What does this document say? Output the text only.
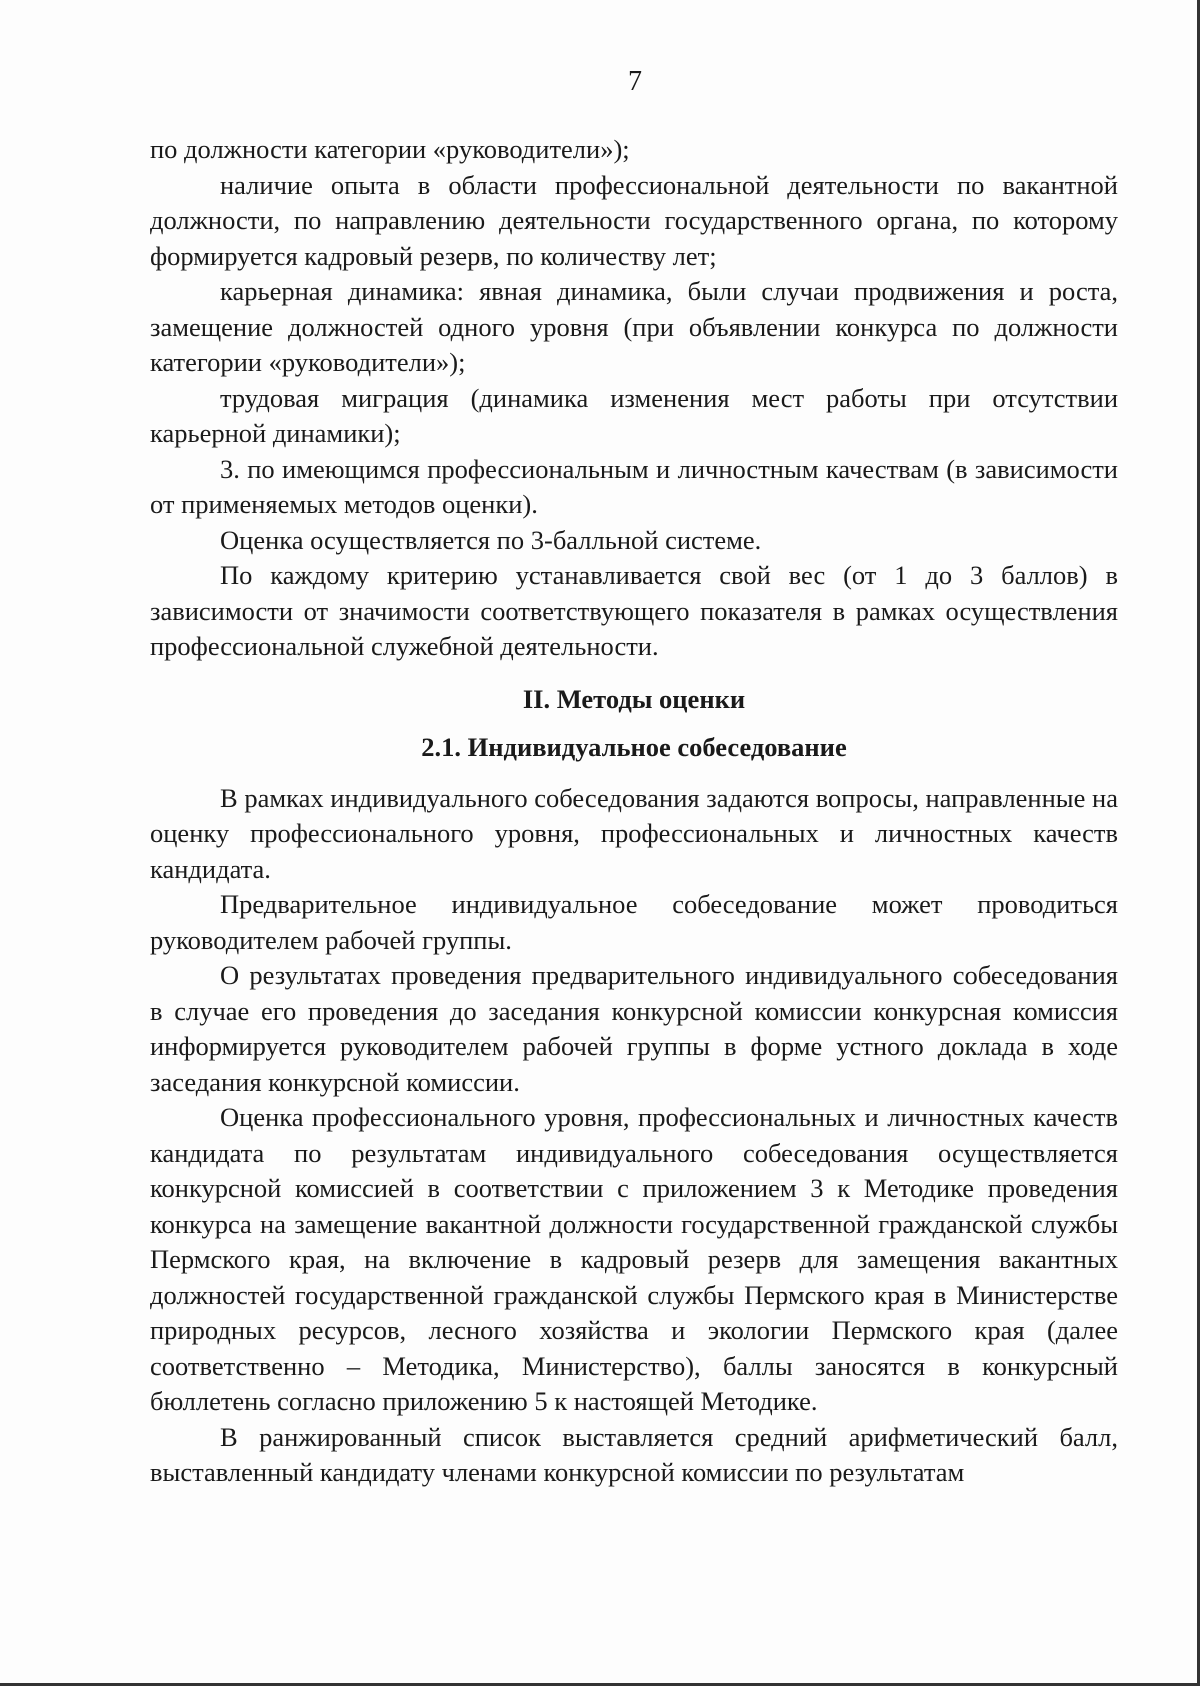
7

по должности категории «руководители»);

наличие опыта в области профессиональной деятельности по вакантной должности, по направлению деятельности государственного органа, по которому формируется кадровый резерв, по количеству лет;

карьерная динамика: явная динамика, были случаи продвижения и роста, замещение должностей одного уровня (при объявлении конкурса по должности категории «руководители»);

трудовая миграция (динамика изменения мест работы при отсутствии карьерной динамики);

3. по имеющимся профессиональным и личностным качествам (в зависимости от применяемых методов оценки).

Оценка осуществляется по 3-балльной системе.

По каждому критерию устанавливается свой вес (от 1 до 3 баллов) в зависимости от значимости соответствующего показателя в рамках осуществления профессиональной служебной деятельности.

II. Методы оценки
2.1. Индивидуальное собеседование

В рамках индивидуального собеседования задаются вопросы, направленные на оценку профессионального уровня, профессиональных и личностных качеств кандидата.

Предварительное индивидуальное собеседование может проводиться руководителем рабочей группы.

О результатах проведения предварительного индивидуального собеседования в случае его проведения до заседания конкурсной комиссии конкурсная комиссия информируется руководителем рабочей группы в форме устного доклада в ходе заседания конкурсной комиссии.

Оценка профессионального уровня, профессиональных и личностных качеств кандидата по результатам индивидуального собеседования осуществляется конкурсной комиссией в соответствии с приложением 3 к Методике проведения конкурса на замещение вакантной должности государственной гражданской службы Пермского края, на включение в кадровый резерв для замещения вакантных должностей государственной гражданской службы Пермского края в Министерстве природных ресурсов, лесного хозяйства и экологии Пермского края (далее соответственно – Методика, Министерство), баллы заносятся в конкурсный бюллетень согласно приложению 5 к настоящей Методике.

В ранжированный список выставляется средний арифметический балл, выставленный кандидату членами конкурсной комиссии по результатам
